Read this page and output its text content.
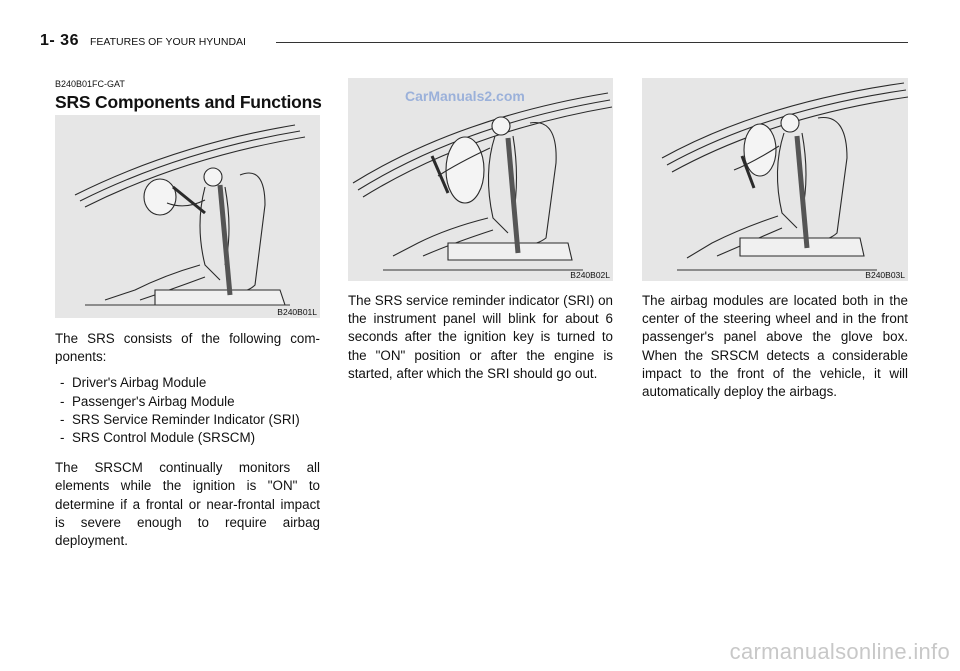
1- 36 FEATURES OF YOUR HYUNDAI
B240B01FC-GAT
SRS Components and Functions
B240B01L
The SRS consists of the following com-ponents:
- Driver's Airbag Module
- Passenger's Airbag Module
- SRS Service Reminder Indicator (SRI)
- SRS Control Module (SRSCM)
The SRSCM continually monitors all elements while the ignition is "ON" to determine if a frontal or near-frontal impact is severe enough to require airbag deployment.
CarManuals2.com
B240B02L
The SRS service reminder indicator (SRI) on the instrument panel will blink for about 6 seconds after the ignition key is turned to the "ON" position or after the engine is started, after which the SRI should go out.
B240B03L
The airbag modules are located both in the center of the steering wheel and in the front passenger's panel above the glove box. When the SRSCM detects a considerable impact to the front of the vehicle, it will automatically deploy the airbags.
carmanualsonline.info
